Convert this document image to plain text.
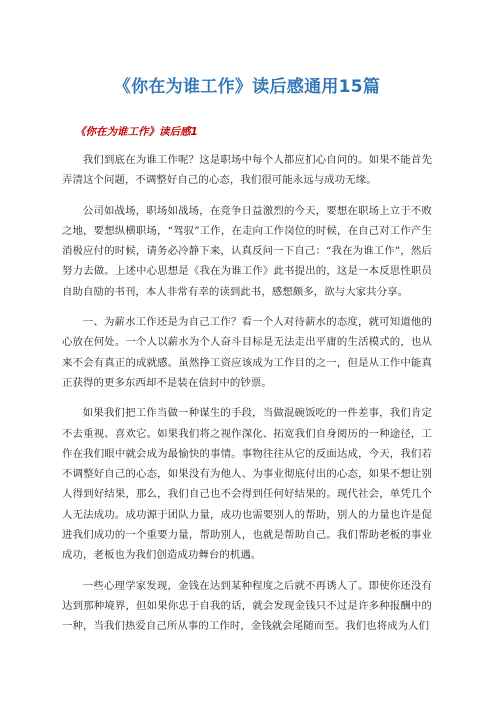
《你在为谁工作》读后感通用15篇
《你在为谁工作》读后感1

我们到底在为谁工作呢？这是职场中每个人都应扪心自问的。如果不能首先弄清这个问题，不调整好自己的心态，我们很可能永远与成功无缘。

公司如战场，职场如战场，在竞争日益激烈的今天，要想在职场上立于不败之地，要想纵横职场，“驾驭”工作，在走向工作岗位的时候，在自己对工作产生消极应付的时候，请务必冷静下来，认真反问一下自己：“我在为谁工作”，然后努力去做。上述中心思想是《我在为谁工作》此书提出的，这是一本反思性职员自助自励的书刊，本人非常有幸的读到此书，感想颇多，欲与大家共分享。

一、为薪水工作还是为自己工作？看一个人对待薪水的态度，就可知道他的心放在何处。一个人以薪水为个人奋斗目标是无法走出平庸的生活模式的，也从来不会有真正的成就感。虽然挣工资应该成为工作目的之一，但是从工作中能真正获得的更多东西却不是装在信封中的钞票。

如果我们把工作当做一种谋生的手段，当做混碗饭吃的一件差事，我们肯定不去重视、喜欢它。如果我们将之视作深化、拓宽我们自身阅历的一种途径，工作在我们眼中就会成为最愉快的事情。事物往往从它的反面达成，今天，我们若不调整好自己的心态，如果没有为他人、为事业彻底付出的心态，如果不想让别人得到好结果，那么，我们自己也不会得到任何好结果的。现代社会，单凭几个人无法成功。成功源于团队力量，成功也需要别人的帮助，别人的力量也许是促进我们成功的一个重要力量，帮助别人，也就是帮助自己。我们帮助老板的事业成功，老板也为我们创造成功舞台的机遇。

一些心理学家发现，金钱在达到某种程度之后就不再诱人了。即使你还没有达到那种境界，但如果你忠于自我的话，就会发现金钱只不过是许多种报酬中的一种，当我们热爱自己所从事的工作时，金钱就会尾随而至。我们也将成为人们
